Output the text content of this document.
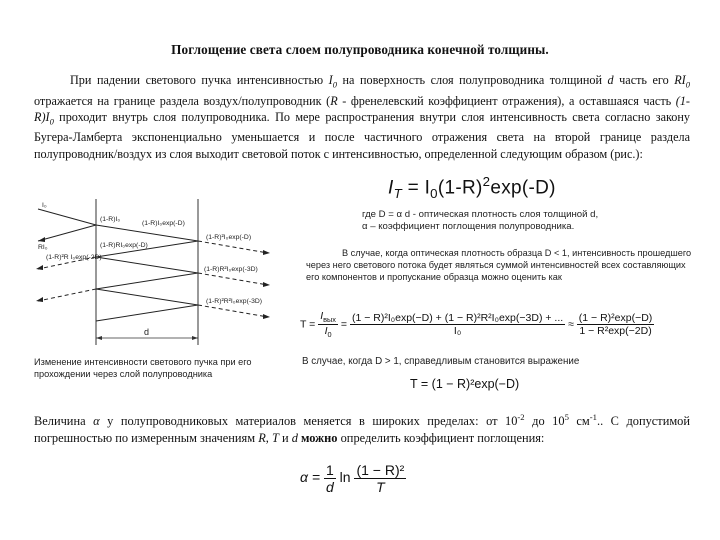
Поглощение света слоем полупроводника конечной толщины.

При падении светового пучка интенсивностью $I_0$ на поверхность слоя полупроводника толщиной d часть его $RI_0$ отражается на границе раздела воздух/полупроводник (R - френелевский коэффициент отражения), а оставшаяся часть (1- $R)I_0$ проходит внутрь слоя полупроводника. По мере распространения внутри слоя интенсивность света согласно закону Бугера-Ламберта экспоненциально уменьшается и после частичного отражения света на второй границе раздела полупроводник/воздух из слоя выходит световой поток с интенсивностью, определенной следующим образом (рис.):

$I_T = I_0(1-R)^2\exp(-D)$
d
I₀
RI₀
(1-R)I₀
(1-R)I₀exp(-D)
(1-R)RI₀exp(-D)
(1-R)²I₀exp(-D)
(1-R)²R I₀exp(-2D)
(1-R)R²I₀exp(-3D)
(1-R)²R²I₀exp(-3D)
Изменение интенсивности светового пучка при его прохождении через слой полупроводника
где D = α d - оптическая плотность слоя толщиной d,
α – коэффициент поглощения полупроводника.
В случае, когда оптическая плотность образца D < 1, интенсивность прошедшего через него светового потока будет являться суммой интенсивностей всех составляющих его компонентов и пропускание образца можно оценить как
$T = \frac{I_{вых}}{I_0} = \frac{\text{(1 − R)²I₀exp(−D) + (1 − R)²R²I₀exp(−3D) + ...}}{\text{I₀}} \approx \frac{\text{(1 − R)²exp(−D)}}{\text{1 − R²exp(−2D)}}$
В случае, когда D > 1, справедливым становится выражение
T = (1 − R)²exp(−D)
Величина α у полупроводниковых материалов меняется в широких пределах: от $10^{-2}$ до $10^5$ $см^{-1}$.. С допустимой погрешностью по измеренным значениям R, T и d можно определить коэффициент поглощения:
$\alpha = \frac{1}{d}$ $\ln \frac{\text{(1 − R)²}}{T}$
